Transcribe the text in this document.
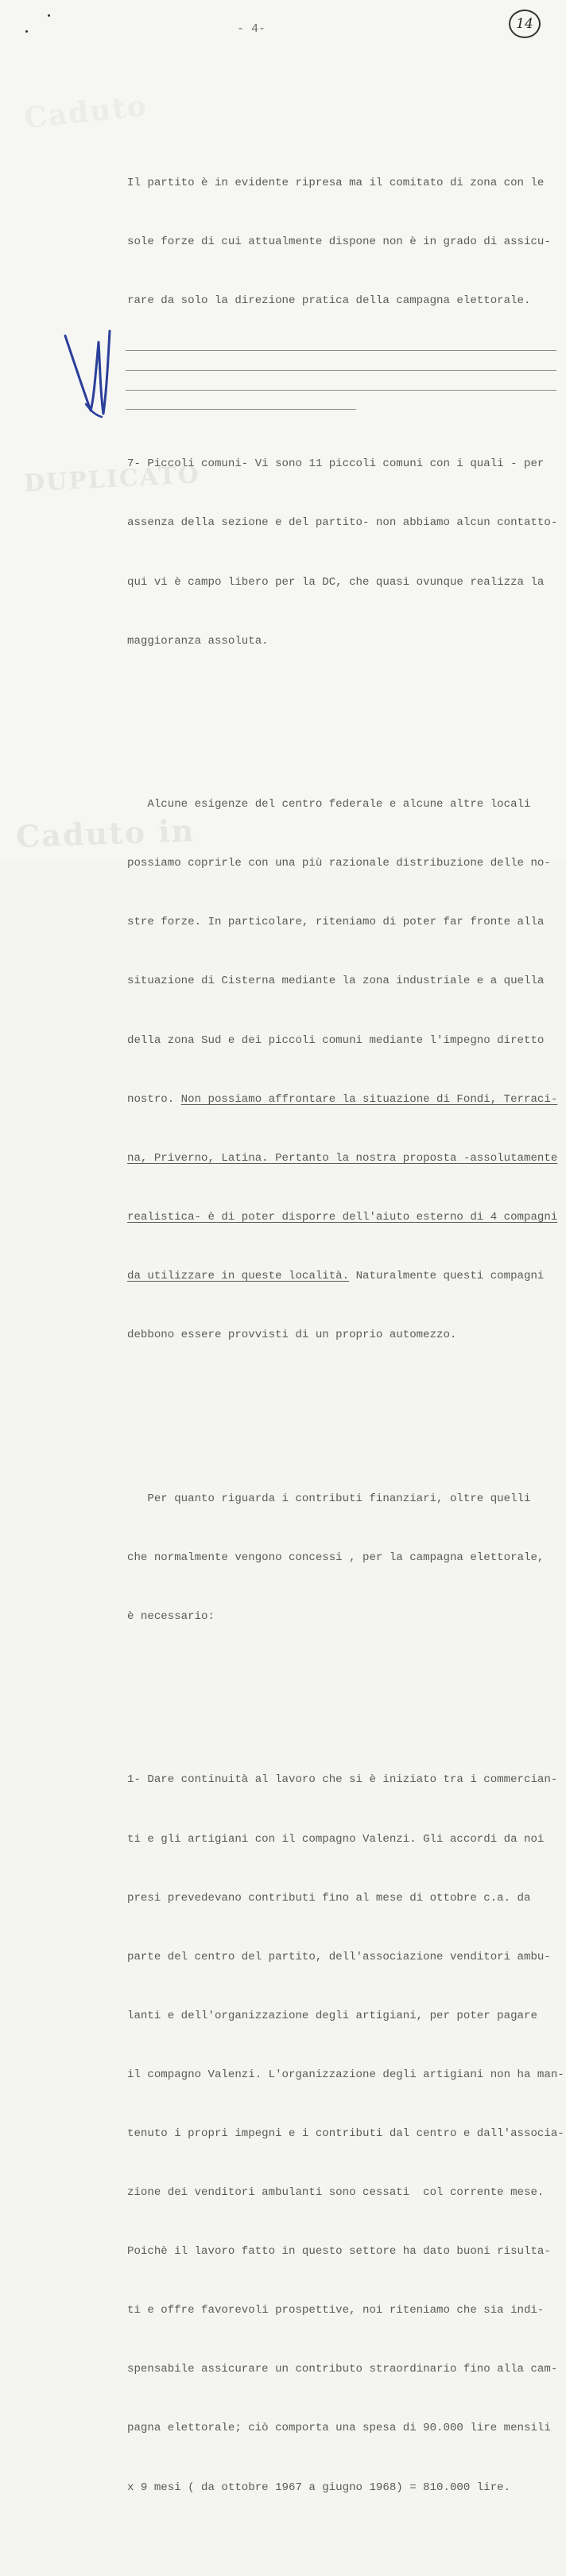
Caduto
DUPLICATO
Caduto in
- 4-	14

Il partito è in evidente ripresa ma il comitato di zona con le

sole forze di cui attualmente dispone non è in grado di assicu-

rare da solo la direzione pratica della campagna elettorale.

7- Piccoli comuni- Vi sono 11 piccoli comuni con i quali - per

assenza della sezione e del partito- non abbiamo alcun contatto-

qui vi è campo libero per la DC, che quasi ovunque realizza la

maggioranza assoluta.

Alcune esigenze del centro federale e alcune altre locali

possiamo coprirle con una più razionale distribuzione delle no-

stre forze. In particolare, riteniamo di poter far fronte alla

situazione di Cisterna mediante la zona industriale e a quella

della zona Sud e dei piccoli comuni mediante l'impegno diretto

nostro. Non possiamo affrontare la situazione di Fondi, Terraci-

na, Priverno, Latina. Pertanto la nostra proposta -assolutamente

realistica- è di poter disporre dell'aiuto esterno di 4 compagni

da utilizzare in queste località. Naturalmente questi compagni

debbono essere provvisti di un proprio automezzo.

Per quanto riguarda i contributi finanziari, oltre quelli

che normalmente vengono concessi , per la campagna elettorale,

è necessario:

1- Dare continuità al lavoro che si è iniziato tra i commercian-

ti e gli artigiani con il compagno Valenzi. Gli accordi da noi

presi prevedevano contributi fino al mese di ottobre c.a. da

parte del centro del partito, dell'associazione venditori ambu-

lanti e dell'organizzazione degli artigiani, per poter pagare

il compagno Valenzi. L'organizzazione degli artigiani non ha man-

tenuto i propri impegni e i contributi dal centro e dall'associa-

zione dei venditori ambulanti sono cessati  col corrente mese.

Poichè il lavoro fatto in questo settore ha dato buoni risulta-

ti e offre favorevoli prospettive, noi riteniamo che sia indi-

spensabile assicurare un contributo straordinario fino alla cam-

pagna elettorale; ciò comporta una spesa di 90.000 lire mensili

x 9 mesi ( da ottobre 1967 a giugno 1968) = 810.000 lire.
